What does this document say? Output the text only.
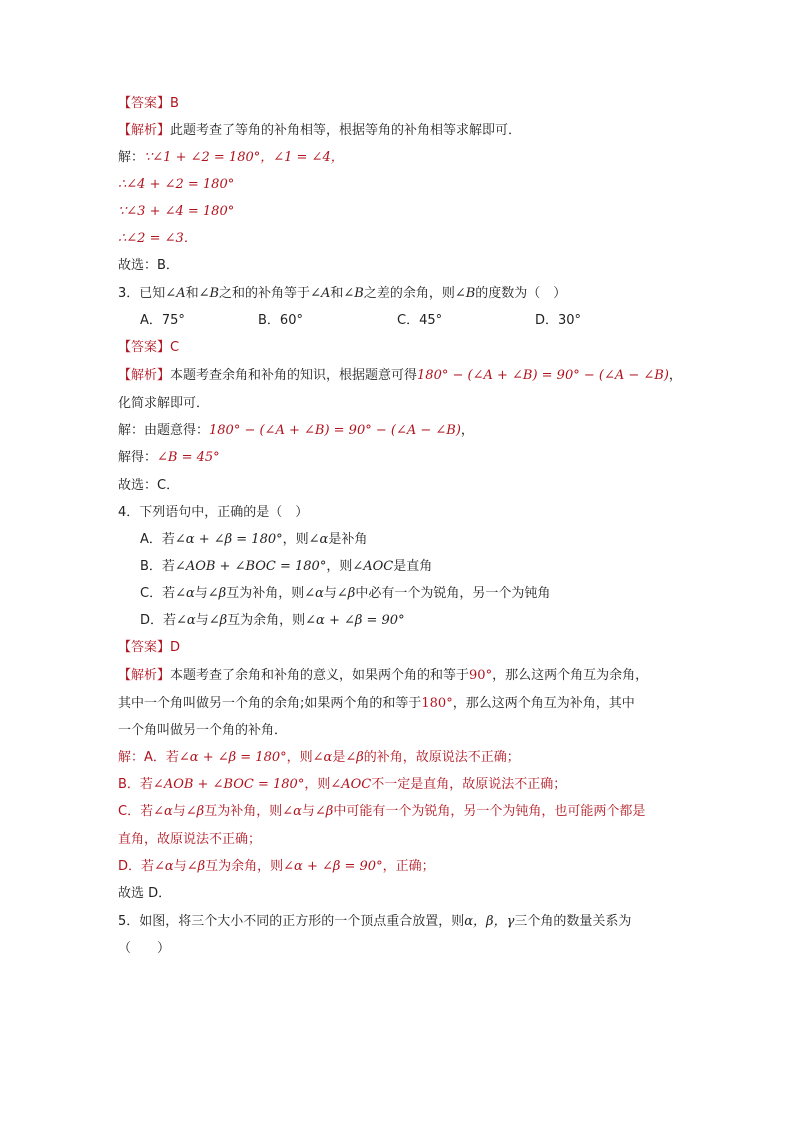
【答案】B
【解析】此题考查了等角的补角相等，根据等角的补角相等求解即可．
解：∵∠1 + ∠2 = 180°，∠1 = ∠4，
∴∠4 + ∠2 = 180°
∵∠3 + ∠4 = 180°
∴∠2 = ∠3．
故选：B．
3．已知∠A和∠B之和的补角等于∠A和∠B之差的余角，则∠B的度数为（　）
A．75°	B．60°	C．45°	D．30°
【答案】C
【解析】本题考查余角和补角的知识，根据题意可得180° − (∠A + ∠B) = 90° − (∠A − ∠B)，
化简求解即可．
解：由题意得：180° − (∠A + ∠B) = 90° − (∠A − ∠B)，
解得：∠B = 45°
故选：C．
4．下列语句中，正确的是（　）
A．若∠α + ∠β = 180°，则∠α是补角
B．若∠AOB + ∠BOC = 180°，则∠AOC是直角
C．若∠α与∠β互为补角，则∠α与∠β中必有一个为锐角，另一个为钝角
D．若∠α与∠β互为余角，则∠α + ∠β = 90°
【答案】D
【解析】本题考查了余角和补角的意义，如果两个角的和等于90°，那么这两个角互为余角，
其中一个角叫做另一个角的余角;如果两个角的和等于180°，那么这两个角互为补角，其中
一个角叫做另一个角的补角．
解：A．若∠α + ∠β = 180°，则∠α是∠β的补角，故原说法不正确；
B．若∠AOB + ∠BOC = 180°，则∠AOC不一定是直角，故原说法不正确；
C．若∠α与∠β互为补角，则∠α与∠β中可能有一个为锐角，另一个为钝角，也可能两个都是
直角，故原说法不正确；
D．若∠α与∠β互为余角，则∠α + ∠β = 90°，正确；
故选 D．
5．如图，将三个大小不同的正方形的一个顶点重合放置，则α，β，γ三个角的数量关系为
（　　）
